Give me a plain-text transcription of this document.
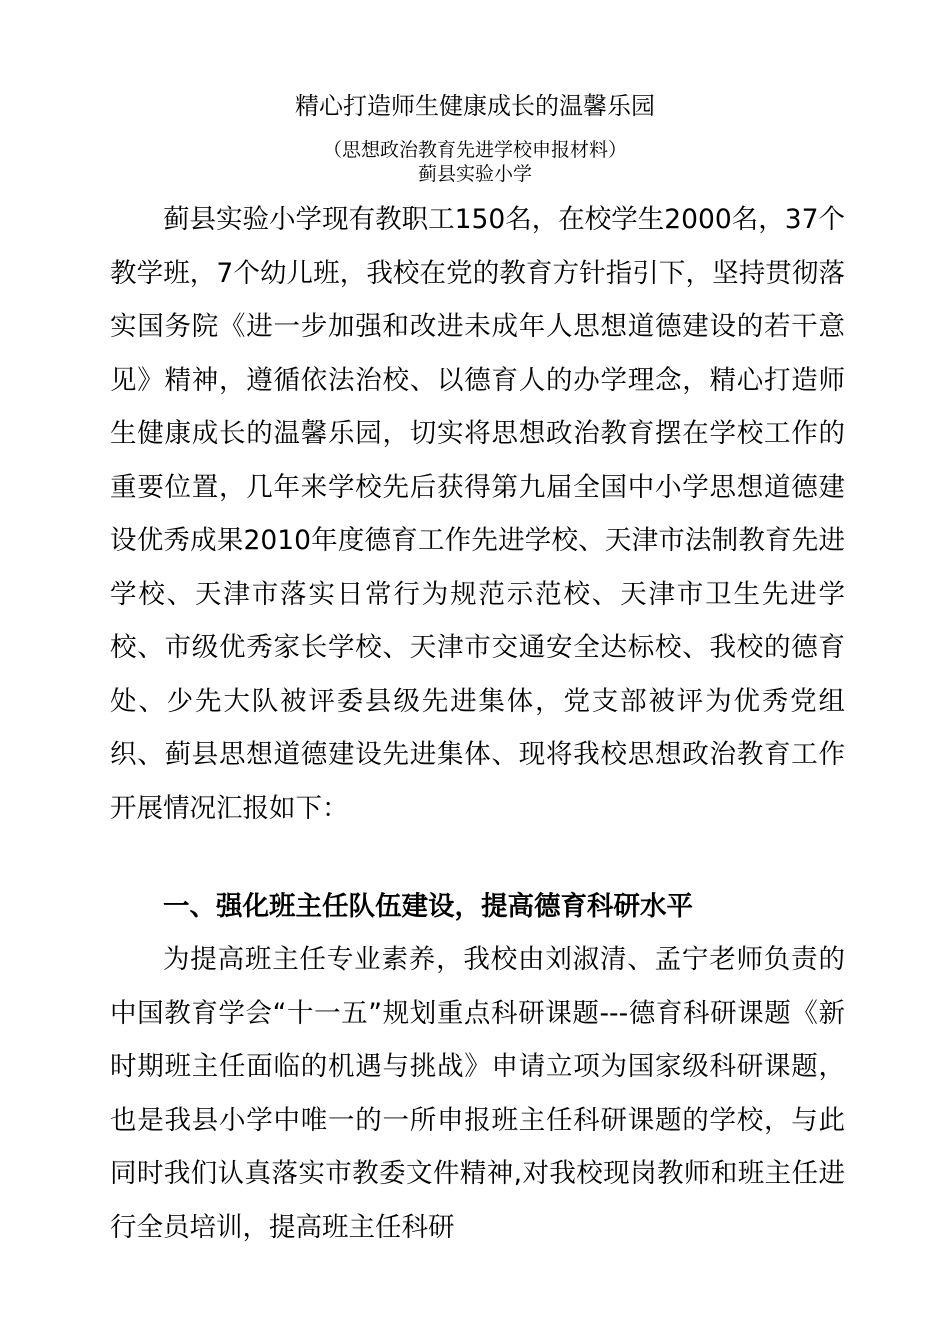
精心打造师生健康成长的温馨乐园
（思想政治教育先进学校申报材料）
蓟县实验小学

蓟县实验小学现有教职工150名，在校学生2000名，37个教学班，7个幼儿班，我校在党的教育方针指引下，坚持贯彻落实国务院《进一步加强和改进未成年人思想道德建设的若干意见》精神，遵循依法治校、以德育人的办学理念，精心打造师生健康成长的温馨乐园，切实将思想政治教育摆在学校工作的重要位置，几年来学校先后获得第九届全国中小学思想道德建设优秀成果2010年度德育工作先进学校、天津市法制教育先进学校、天津市落实日常行为规范示范校、天津市卫生先进学校、市级优秀家长学校、天津市交通安全达标校、我校的德育处、少先大队被评委县级先进集体，党支部被评为优秀党组织、蓟县思想道德建设先进集体、现将我校思想政治教育工作开展情况汇报如下：

一、强化班主任队伍建设，提高德育科研水平

为提高班主任专业素养，我校由刘淑清、孟宁老师负责的中国教育学会“十一五”规划重点科研课题---德育科研课题《新时期班主任面临的机遇与挑战》申请立项为国家级科研课题，也是我县小学中唯一的一所申报班主任科研课题的学校，与此同时我们认真落实市教委文件精神,对我校现岗教师和班主任进行全员培训，提高班主任科研
